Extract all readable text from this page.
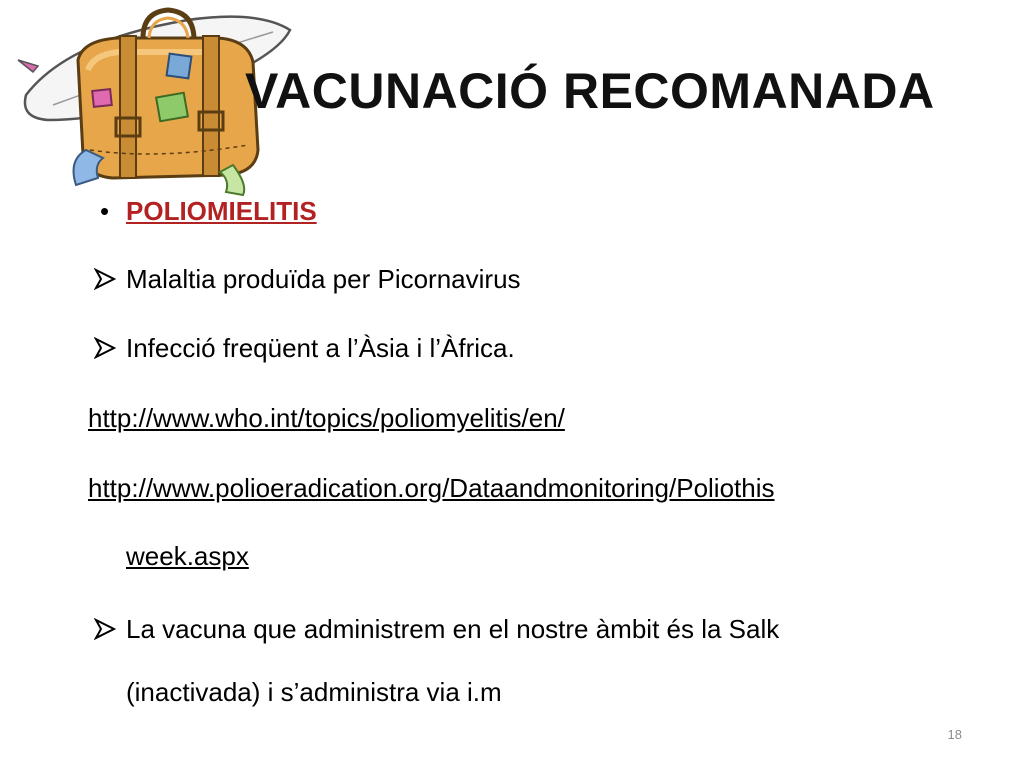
VACUNACIÓ RECOMANADA
• POLIOMIELITIS
Malaltia produïda per Picornavirus
Infecció freqüent a l’Àsia i l’Àfrica.
http://www.who.int/topics/poliomyelitis/en/
http://www.polioeradication.org/Dataandmonitoring/Poliothis
week.aspx
La vacuna que administrem en el nostre àmbit és la Salk
(inactivada) i s’administra via i.m
18
